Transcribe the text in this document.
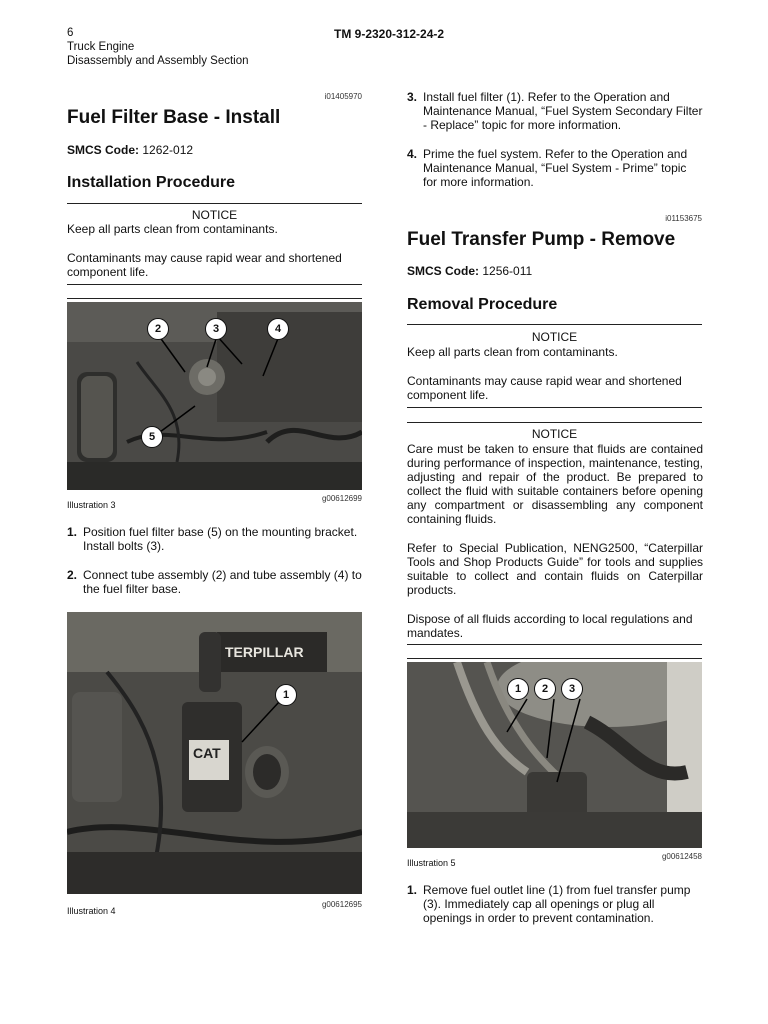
6	TM 9-2320-312-24-2
Truck Engine
Disassembly and Assembly Section
i01405970
Fuel Filter Base - Install
SMCS Code: 1262-012
Installation Procedure
NOTICE
Keep all parts clean from contaminants.
Contaminants may cause rapid wear and shortened component life.
2	3	4
5
Illustration 3
g00612699
1. Position fuel filter base (5) on the mounting bracket. Install bolts (3).
2. Connect tube assembly (2) and tube assembly (4) to the fuel filter base.
TERPILLAR
CAT
1
Illustration 4
g00612695
3. Install fuel filter (1). Refer to the Operation and Maintenance Manual, “Fuel System Secondary Filter - Replace” topic for more information.
4. Prime the fuel system. Refer to the Operation and Maintenance Manual, “Fuel System - Prime” topic for more information.
i01153675
Fuel Transfer Pump - Remove
SMCS Code: 1256-011
Removal Procedure
NOTICE
Keep all parts clean from contaminants.
Contaminants may cause rapid wear and shortened component life.
NOTICE
Care must be taken to ensure that fluids are contained during performance of inspection, maintenance, testing, adjusting and repair of the product. Be prepared to collect the fluid with suitable containers before opening any compartment or disassembling any component containing fluids.
Refer to Special Publication, NENG2500, “Caterpillar Tools and Shop Products Guide” for tools and supplies suitable to collect and contain fluids on Caterpillar products.
Dispose of all fluids according to local regulations and mandates.
1	2	3
Illustration 5
g00612458
1. Remove fuel outlet line (1) from fuel transfer pump (3). Immediately cap all openings or plug all openings in order to prevent contamination.
